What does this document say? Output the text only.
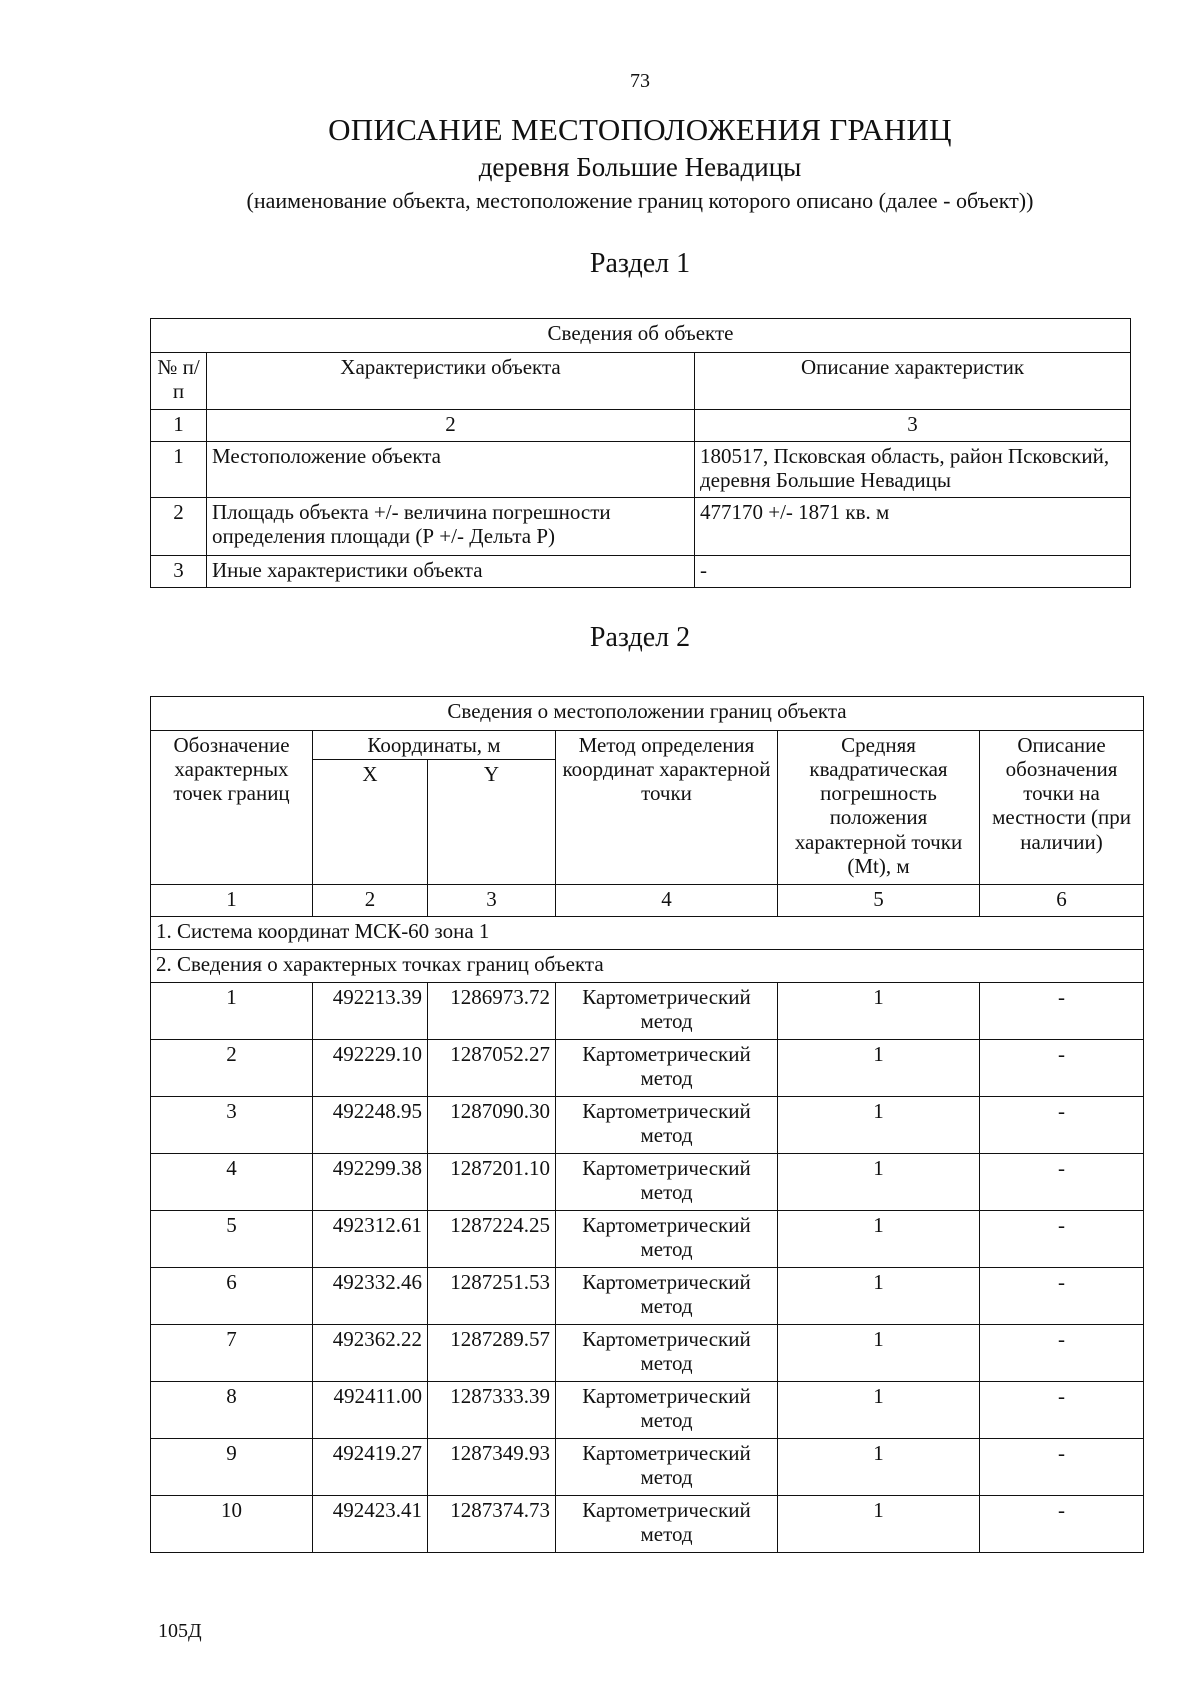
73
ОПИСАНИЕ МЕСТОПОЛОЖЕНИЯ ГРАНИЦ
деревня Большие Невадицы
(наименование объекта, местоположение границ которого описано (далее - объект))
Раздел 1
Сведения об объекте		
№ п/п	Характеристики объекта	Описание характеристик
1	2	3
1	Местоположение объекта	180517, Псковская область, район Псковский, деревня Большие Невадицы
2	Площадь объекта +/- величина погрешности определения площади (Р +/- Дельта Р)	477170 +/- 1871 кв. м
3	Иные характеристики объекта	-
Раздел 2
Сведения о местоположении границ объекта					
Обозначение характерных точек границ	Координаты, м		Метод определения координат характерной точки	Средняя квадратическая погрешность положения характерной точки (Mt), м	Описание обозначения точки на местности (при наличии)
	X	Y			
1	2	3	4	5	6
1. Система координат МСК-60 зона 1					
2. Сведения о характерных точках границ объекта					
1	492213.39	1286973.72	Картометрический метод	1	-
2	492229.10	1287052.27	Картометрический метод	1	-
3	492248.95	1287090.30	Картометрический метод	1	-
4	492299.38	1287201.10	Картометрический метод	1	-
5	492312.61	1287224.25	Картометрический метод	1	-
6	492332.46	1287251.53	Картометрический метод	1	-
7	492362.22	1287289.57	Картометрический метод	1	-
8	492411.00	1287333.39	Картометрический метод	1	-
9	492419.27	1287349.93	Картометрический метод	1	-
10	492423.41	1287374.73	Картометрический метод	1	-
105Д
